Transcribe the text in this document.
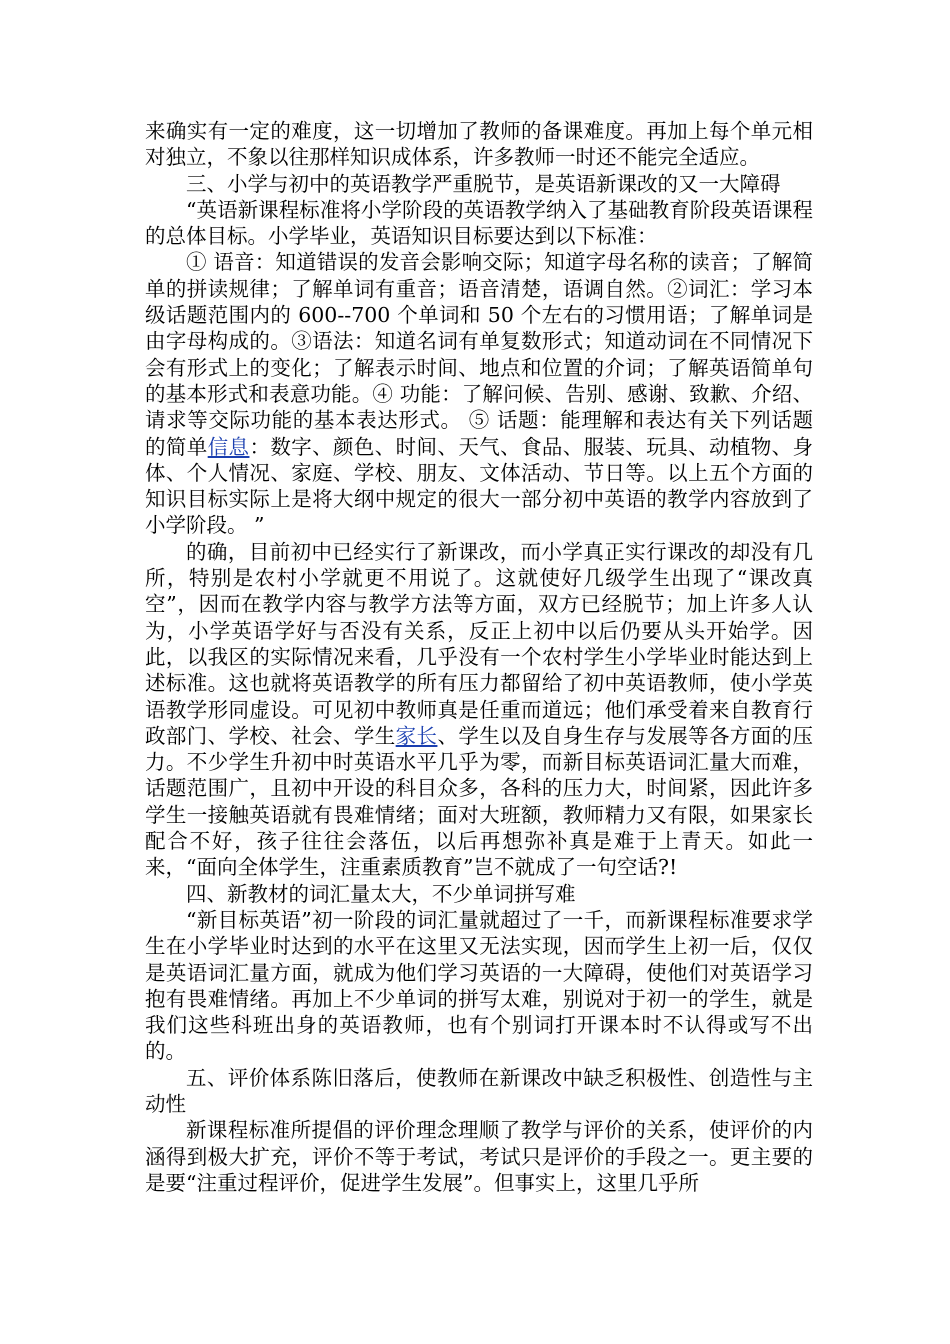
来确实有一定的难度，这一切增加了教师的备课难度。再加上每个单元相对独立，不象以往那样知识成体系，许多教师一时还不能完全适应。

三、小学与初中的英语教学严重脱节，是英语新课改的又一大障碍

“英语新课程标准将小学阶段的英语教学纳入了基础教育阶段英语课程的总体目标。小学毕业，英语知识目标要达到以下标准：

① 语音：知道错误的发音会影响交际；知道字母名称的读音；了解简单的拼读规律；了解单词有重音；语音清楚，语调自然。②词汇：学习本级话题范围内的 600--700 个单词和 50 个左右的习惯用语；了解单词是由字母构成的。③语法：知道名词有单复数形式；知道动词在不同情况下会有形式上的变化；了解表示时间、地点和位置的介词；了解英语简单句的基本形式和表意功能。④ 功能：了解问候、告别、感谢、致歉、介绍、请求等交际功能的基本表达形式。 ⑤ 话题：能理解和表达有关下列话题的简单信息：数字、颜色、时间、天气、食品、服装、玩具、动植物、身体、个人情况、家庭、学校、朋友、文体活动、节日等。以上五个方面的知识目标实际上是将大纲中规定的很大一部分初中英语的教学内容放到了小学阶段。 ”

的确，目前初中已经实行了新课改，而小学真正实行课改的却没有几所，特别是农村小学就更不用说了。这就使好几级学生出现了“课改真空”，因而在教学内容与教学方法等方面，双方已经脱节；加上许多人认为，小学英语学好与否没有关系，反正上初中以后仍要从头开始学。因此，以我区的实际情况来看，几乎没有一个农村学生小学毕业时能达到上述标准。这也就将英语教学的所有压力都留给了初中英语教师，使小学英语教学形同虚设。可见初中教师真是任重而道远；他们承受着来自教育行政部门、学校、社会、学生家长、学生以及自身生存与发展等各方面的压力。不少学生升初中时英语水平几乎为零，而新目标英语词汇量大而难，话题范围广，且初中开设的科目众多，各科的压力大，时间紧，因此许多学生一接触英语就有畏难情绪；面对大班额，教师精力又有限，如果家长配合不好，孩子往往会落伍，以后再想弥补真是难于上青天。如此一来，“面向全体学生，注重素质教育”岂不就成了一句空话?!

四、新教材的词汇量太大，不少单词拼写难

“新目标英语”初一阶段的词汇量就超过了一千，而新课程标准要求学生在小学毕业时达到的水平在这里又无法实现，因而学生上初一后，仅仅是英语词汇量方面，就成为他们学习英语的一大障碍，使他们对英语学习抱有畏难情绪。再加上不少单词的拼写太难，别说对于初一的学生，就是我们这些科班出身的英语教师，也有个别词打开课本时不认得或写不出的。

五、评价体系陈旧落后，使教师在新课改中缺乏积极性、创造性与主动性

新课程标准所提倡的评价理念理顺了教学与评价的关系，使评价的内涵得到极大扩充，评价不等于考试，考试只是评价的手段之一。更主要的是要“注重过程评价，促进学生发展”。但事实上，这里几乎所
